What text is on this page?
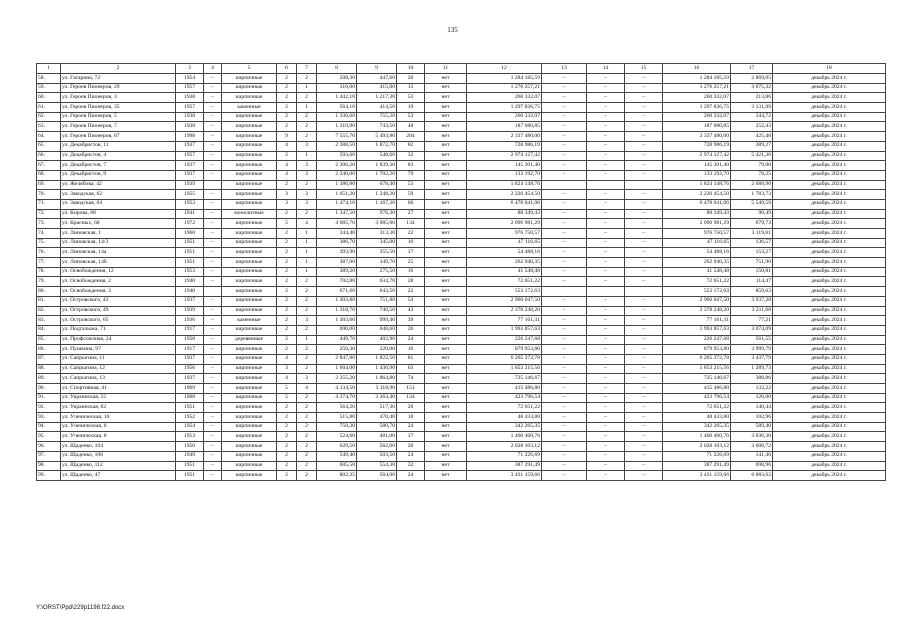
135
1	2	3	4	5	6	7	8	9	10	11	12	13	14	15	16	17	18
58.	ул. Гагарина, 72	1954	–	кирпичные	2	2	508,30	447,60	20	нет	1 284 185,59	–	–	–	1 284 185,59	2 869,05	декабрь 2024 г.
59.	ул. Героев Пионеров, 29	1957	–	кирпичные	2	1	316,00	415,00	13	нет	1 276 257,21	–	–	–	1 276 257,21	3 075,32	декабрь 2024 г.
60.	ул. Героев Пионеров, 3	1938	–	кирпичные	2	2	1 442,10	1 217,30	53	нет	260 332,07	–	–	–	260 332,07	213,86	декабрь 2024 г.
61.	ул. Героев Пионеров, 35	1957	–	каменные	2	1	564,10	414,50	19	нет	1 297 836,75	–	–	–	1 297 836,75	3 131,09	декабрь 2024 г.
62.	ул. Героев Пионеров, 5	1938	–	кирпичные	2	2	1 330,60	755,20	53	нет	260 332,07	–	–	–	260 332,07	344,72	декабрь 2024 г.
63.	ул. Героев Пионеров, 7	1938	–	кирпичные	2	2	1 310,90	743,50	48	нет	187 680,85	–	–	–	187 680,85	252,43	декабрь 2024 г.
64.	ул. Героев Пионеров, 87	1998	–	кирпичные	9	2	7 555,70	5 493,80	204	нет	2 337 480,00	–	–	–	2 337 480,00	425,48	декабрь 2024 г.
65.	ул. Декабристов, 11	1937	–	кирпичные	4	3	2 388,50	1 872,70	82	нет	728 986,19	–	–	–	728 986,19	389,27	декабрь 2024 г.
66.	ул. Декабристов, 4	1957	–	кирпичные	2	1	593,60	548,60	32	нет	2 974 127,42	–	–	–	2 974 127,42	5 421,30	декабрь 2024 г.
67.	ул. Декабристов, 7	1937	–	кирпичные	4	3	2 306,20	1 839,30	83	нет	145 301,40	–	–	–	145 301,40	79,00	декабрь 2024 г.
68.	ул. Декабристов, 9	1937	–	кирпичные	4	3	2 340,00	1 702,20	79	нет	133 192,70	–	–	–	133 192,70	78,25	декабрь 2024 г.
69.	ул. Желябова, 42	1939		кирпичные	2	2	1 386,80	678,40	53	нет	1 824 148,76				1 824 148,76	2 688,90	декабрь 2024 г.
70.	ул. Заводская, 62	1955	–	кирпичные	3	3	1 651,20	1 248,20	59	нет	2 226 454,50	–	–	–	2 226 454,50	1 783,73	декабрь 2024 г.
71.	ул. Заводская, 64	1953	–	кирпичные	3	3	1 474,10	1 167,30	66	нет	6 478 041,06	–	–	–	6 478 041,06	5 549,59	декабрь 2024 г.
72.	ул. Кирова, 88	1941	–	монолитные	2	2	1 347,50	976,30	27	нет	88 349,43	–	–	–	88 349,43	90,49	декабрь 2024 г.
73.	ул. Красных, 68	1972	–	кирпичные	5	4	4 085,70	3 085,00	134	нет	2 096 981,29	–	–	–	2 096 981,29	679,73	декабрь 2024 г.
74.	ул. Линовская, 1	1960	–	кирпичные	2	1	344,40	313,30	22	нет	976 750,57	–	–	–	976 750,57	3 119,61	декабрь 2024 г.
75.	ул. Линовская, 14/3	1951	–	кирпичные	2	1	386,70	345,00	16	нет	47 116,65	–	–	–	47 116,65	136,57	декабрь 2024 г.
76.	ул. Линовская, 14а	1951	–	кирпичные	2	1	393,90	355,50	17	нет	54 488,16	–	–	–	54 488,16	153,27	декабрь 2024 г.
77.	ул. Линовская, 14б	1951	–	кирпичные	2	1	387,00	349,70	25	нет	262 940,35	–	–	–	262 940,35	751,90	декабрь 2024 г.
78.	ул. Освобождения, 12	1953	–	кирпичные	2	1	389,20	275,50	16	нет	41 548,48	–	–	–	41 548,48	150,81	декабрь 2024 г.
79.	ул. Освобождения, 2	1940	–	кирпичные	2	2	702,80	634,70	28	нет	72 651,22	–	–	–	72 651,22	114,47	декабрь 2024 г.
80.	ул. Освобождения, 3	1940		кирпичные	2	2	671,60	643,50	22	нет	553 172,63				553 172,63	859,63	декабрь 2024 г.
81.	ул. Островского, 43	1937	–	кирпичные	2	2	1 303,80	751,80	54	нет	2 960 047,50	–	–	–	2 960 047,50	3 937,28	декабрь 2024 г.
82.	ул. Островского, 49	1939	–	кирпичные	2	2	1 318,70	740,50	43	нет	2 378 248,20	–	–	–	2 378 248,20	3 211,68	декабрь 2024 г.
83.	ул. Островского, 65	1936	–	каменные	2	3	1 303,60	999,40	39	нет	77 161,31	–	–	–	77 161,31	77,21	декабрь 2024 г.
84.	ул. Подгалыжа, 71	1917	–	кирпичные	2	2	690,00	648,60	26	нет	1 993 857,63	–	–	–	1 993 857,63	3 074,09	декабрь 2024 г.
85.	ул. Профсоюзная, 24	1958	–	деревянные	2	1	449,70	402,90	24	нет	226 247,68	–	–	–	226 247,68	561,55	декабрь 2024 г.
86.	ул. Пушкина, 97	1917	–	кирпичные	2	2	250,30	220,00	16	нет	879 953,80	–	–	–	879 953,80	3 999,79	декабрь 2024 г.
87.	ул. Сапрыгина, 11	1937	–	кирпичные	4	2	2 847,80	1 822,50	81	нет	6 265 372,78	–	–	–	6 265 372,78	3 437,79	декабрь 2024 г.
88.	ул. Сапрыгина, 12	1956	–	кирпичные	3	2	1 604,00	1 436,90	63	нет	1 853 215,56	–	–	–	1 853 215,56	1 289,73	декабрь 2024 г.
89.	ул. Сапрыгина, 13	1937	–	кирпичные	4	3	2 355,20	1 864,80	74	нет	725 146,67	–	–	–	725 146,67	388,86	декабрь 2024 г.
90.	ул. Спортивная, 41	1969	–	кирпичные	5	4	4 134,50	3 118,90	151	нет	415 486,80	–	–	–	415 486,80	133,22	декабрь 2024 г.
91.	ул. Украинская, 55	1968	–	кирпичные	5	2	4 374,70	3 363,40	134	нет	423 796,54	–	–	–	423 796,54	126,00	декабрь 2024 г.
92.	ул. Украинская, 82	1951	–	кирпичные	2	2	564,20	517,30	20	нет	72 651,22	–	–	–	72 651,22	140,44	декабрь 2024 г.
93.	ул. Ученическая, 10	1952	–	кирпичные	2	2	515,80	470,40	18	нет	48 433,80	–	–	–	48 433,80	102,96	декабрь 2024 г.
94.	ул. Ученическая, 6	1954	–	кирпичные	2	2	750,30	580,70	24	нет	342 265,35	–	–	–	342 265,35	589,40	декабрь 2024 г.
95.	ул. Ученическая, 8	1953	–	кирпичные	2	2	524,60	481,00	17	нет	1 460 460,76	–	–	–	1 460 460,76	3 036,30	декабрь 2024 г.
96.	ул. Щаденко, 104	1950	–	кирпичные	2	2	629,50	562,00	20	нет	2 028 103,12	–	–	–	2 028 103,12	3 608,72	декабрь 2024 г.
97.	ул. Щаденко, 106	1949	–	кирпичные	2	2	549,40	503,50	24	нет	71 226,69	–	–	–	71 226,69	141,46	декабрь 2024 г.
98.	ул. Щаденко, 112	1951	–	кирпичные	2	2	605,50	554,30	32	нет	387 291,49	–	–	–	387 291,49	698,96	декабрь 2024 г.
99.	ул. Щаденко, 47	1951	–	кирпичные	2	2	802,35	564,00	24	нет	3 431 159,66	–	–	–	3 431 159,66	6 083,62	декабрь 2024 г.
Y:\ORST\Ppd\229p1198.f22.docx
